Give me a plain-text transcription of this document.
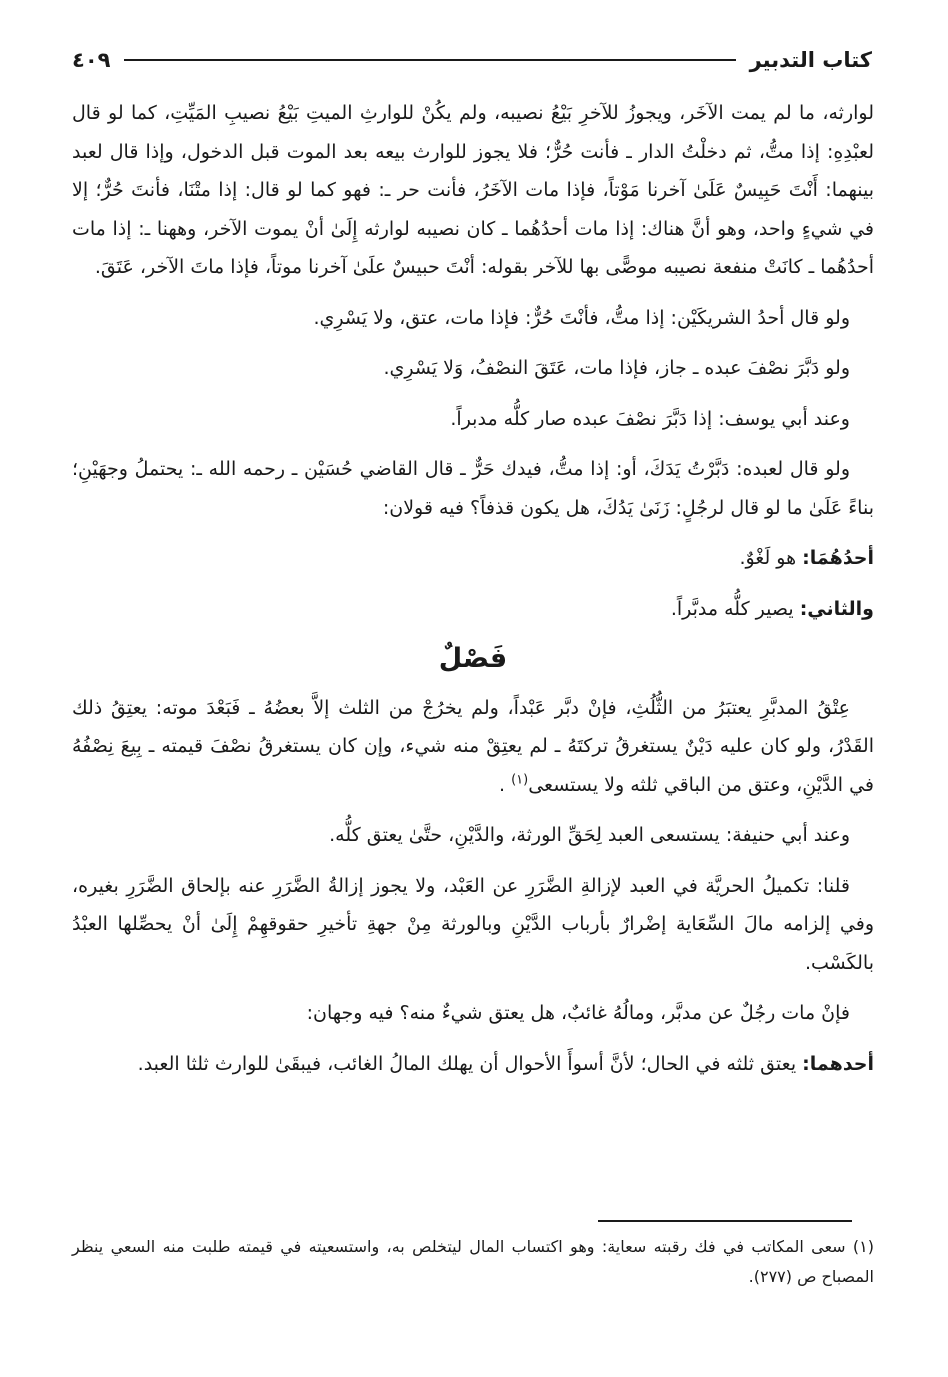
كتاب التدبير
٤٠٩

لوارثه، ما لم يمت الآخَر، ويجوزُ للآخرِ بَيْعُ نصيبه، ولم يكُنْ للوارثِ الميتِ بَيْعُ نصيبِ المَيِّتِ، كما لو قال لعبْدِهِ: إذا متُّ، ثم دخلْتُ الدار ـ فأنت حُرٌّ؛ فلا يجوز للوارث بيعه بعد الموت قبل الدخول، وإذا قال لعبد بينهما: أَنْتَ حَبِيسٌ عَلَىٰ آخرنا مَوْتاً، فإذا مات الآخَرُ، فأنت حر ـ: فهو كما لو قال: إذا متْنَا، فأنتَ حُرٌّ؛ إلا في شيءٍ واحد، وهو أنَّ هناك: إذا مات أحدُهُما ـ كان نصيبه لوارثه إِلَىٰ أنْ يموت الآخر، وههنا ـ: إذا مات أحدُهُما ـ كانَتْ منفعة نصيبه موصًّى بها للآخر بقوله: أنْتَ حبيسٌ علَىٰ آخرنا موتاً، فإذا ماتَ الآخر، عَتَقَ.

ولو قال أحدُ الشريكَيْن: إذا متُّ، فأنْتَ حُرٌّ: فإذا مات، عتق، ولا يَسْرِي.

ولو دَبَّرَ نصْفَ عبده ـ جاز، فإذا مات، عَتَقَ النصْفُ، وَلا يَسْرِي.

وعند أبي يوسف: إذا دَبَّرَ نصْفَ عبده صار كلُّه مدبراً.

ولو قال لعبده: دَبَّرْتُ يَدَكَ، أو: إذا متُّ، فيدك حَرٌّ ـ قال القاضي حُسَيْن ـ رحمه الله ـ: يحتملُ وجهَيْنِ؛ بناءً عَلَىٰ ما لو قال لرجُلٍ: زَنَىٰ يَدُكَ، هل يكون قذفاً؟ فيه قولان:

أحدُهُمَا: هو لَغْوٌ.

والثاني: يصير كلُّه مدبَّراً.

فَصْلٌ

عِتْقُ المدبَّرِ يعتبَرُ من الثُّلُثِ، فإنْ دبَّر عَبْداً، ولم يخرُجْ من الثلث إلاَّ بعضُهُ ـ فَبَعْدَ موته: يعتِقُ ذلك القَدْرُ، ولو كان عليه دَيْنٌ يستغرقُ تركتَهُ ـ لم يعتِقْ منه شيء، وإن كان يستغرقُ نصْفَ قيمته ـ بِيعَ نِصْفُهُ في الدَّيْنِ، وعتق من الباقي ثلثه ولا يستسعى$^{(١)}$ .

وعند أبي حنيفة: يستسعى العبد لِحَقِّ الورثة، والدَّيْنِ، حتَّىٰ يعتق كلُّه.

قلنا: تكميلُ الحريَّة في العبد لإزالةِ الضَّرَرِ عن العَبْد، ولا يجوز إزالةُ الضَّرَرِ عنه بإلحاق الضَّرَرِ بغيره، وفي إلزامه مالَ السِّعَاية إضْرارٌ بأرباب الدَّيْنِ وبالورثة مِنْ جهةِ تأخيرِ حقوقهِمْ إِلَىٰ أنْ يحصِّلها العبْدُ بالكَسْب.

فإنْ مات رجُلٌ عن مدبَّر، ومالُهُ غائبٌ، هل يعتق شيءٌ منه؟ فيه وجهان:

أحدهما: يعتق ثلثه في الحال؛ لأنَّ أسوأَ الأحوال أن يهلك المالُ الغائب، فيبقَىٰ للوارث ثلثا العبد.

(١) سعى المكاتب في فك رقبته سعاية: وهو اكتساب المال ليتخلص به، واستسعيته في قيمته طلبت منه السعي ينظر المصباح ص (٢٧٧).
